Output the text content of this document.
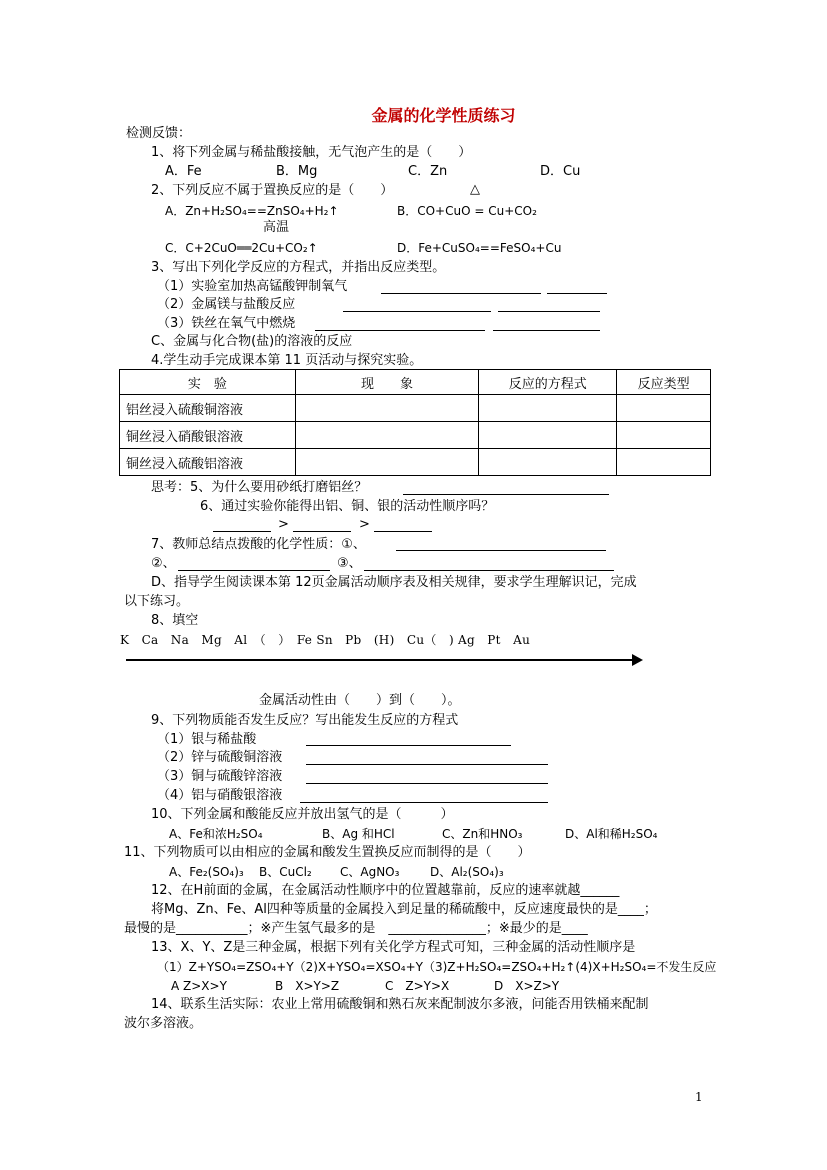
金属的化学性质练习
检测反馈：
1、将下列金属与稀盐酸接触，无气泡产生的是（　　）
A．Fe	B．Mg	C．Zn	D．Cu
2、下列反应不属于置换反应的是（　　）	△
A．Zn+H₂SO₄==ZnSO₄+H₂↑	B．CO+CuO = Cu+CO₂
高温
C．C+2CuO══2Cu+CO₂↑	D．Fe+CuSO₄==FeSO₄+Cu
3、写出下列化学反应的方程式，并指出反应类型。
（1）实验室加热高锰酸钾制氧气
（2）金属镁与盐酸反应
（3）铁丝在氧气中燃烧
C、金属与化合物(盐)的溶液的反应
4.学生动手完成课本第 11 页活动与探究实验。
实　验	现　　象	反应的方程式	反应类型
铝丝浸入硫酸铜溶液			
铜丝浸入硝酸银溶液			
铜丝浸入硫酸铝溶液			
思考：5、为什么要用砂纸打磨铝丝？
6、通过实验你能得出铝、铜、银的活动性顺序吗？
>	>
7、教师总结点拨酸的化学性质：①、
②、	③、
D、指导学生阅读课本第 12页金属活动顺序表及相关规律，要求学生理解识记，完成
以下练习。
8、填空
K　Ca　Na　Mg　Al　（　）　Fe Sn　Pb　(H)　Cu（　) Ag　Pt　Au
金属活动性由（　　）到（　　）。
9、下列物质能否发生反应？写出能发生反应的方程式
（1）银与稀盐酸
（2）锌与硫酸铜溶液
（3）铜与硫酸锌溶液
（4）铝与硝酸银溶液
10、下列金属和酸能反应并放出氢气的是（　　　）
A、Fe和浓H₂SO₄	B、Ag 和HCl	C、Zn和HNO₃	D、Al和稀H₂SO₄
11、下列物质可以由相应的金属和酸发生置换反应而制得的是（　　）
A、Fe₂(SO₄)₃ B、CuCl₂ C、AgNO₃	D、Al₂(SO₄)₃
12、在H前面的金属，在金属活动性顺序中的位置越靠前，反应的速率就越______
将Mg、Zn、Fe、Al四种等质量的金属投入到足量的稀硫酸中，反应速度最快的是____；
最慢的是___________；※产生氢气最多的是　_______________；※最少的是____
13、X、Y、Z是三种金属，根据下列有关化学方程式可知，三种金属的活动性顺序是
（1）Z+YSO₄=ZSO₄+Y（2)X+YSO₄=XSO₄+Y（3)Z+H₂SO₄=ZSO₄+H₂↑(4)X+H₂SO₄=不发生反应
A Z>X>Y	B　X>Y>Z	C　Z>Y>X	D　X>Z>Y
14、联系生活实际：农业上常用硫酸铜和熟石灰来配制波尔多液，问能否用铁桶来配制
波尔多溶液。
1
